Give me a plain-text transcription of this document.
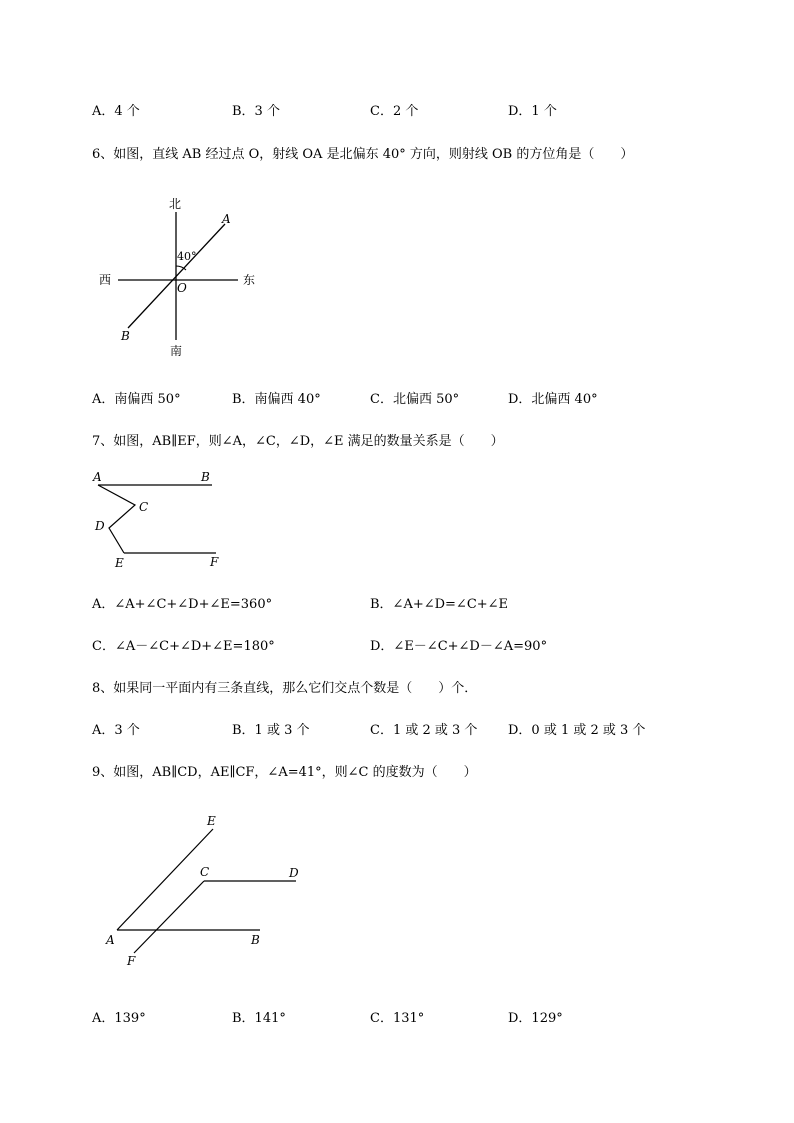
A．4 个	B．3 个	C．2 个	D．1 个
6、如图，直线 AB 经过点 O，射线 OA 是北偏东 40° 方向，则射线 OB 的方位角是（　　）
北
南
西	东
A
B
O
40°
A．南偏西 50°	B．南偏西 40°	C．北偏西 50°	D．北偏西 40°
7、如图，AB∥EF，则∠A，∠C，∠D，∠E 满足的数量关系是（　　）
A	B
C
D
E	F
A．∠A+∠C+∠D+∠E=360°	B．∠A+∠D=∠C+∠E
C．∠A－∠C+∠D+∠E=180°	D．∠E－∠C+∠D－∠A=90°
8、如果同一平面内有三条直线，那么它们交点个数是（　　）个．
A．3 个	B．1 或 3 个	C．1 或 2 或 3 个 D．0 或 1 或 2 或 3 个
9、如图，AB∥CD，AE∥CF，∠A=41°，则∠C 的度数为（　　）
E
C	D
A	B
F
A．139°	B．141°	C．131°	D．129°
